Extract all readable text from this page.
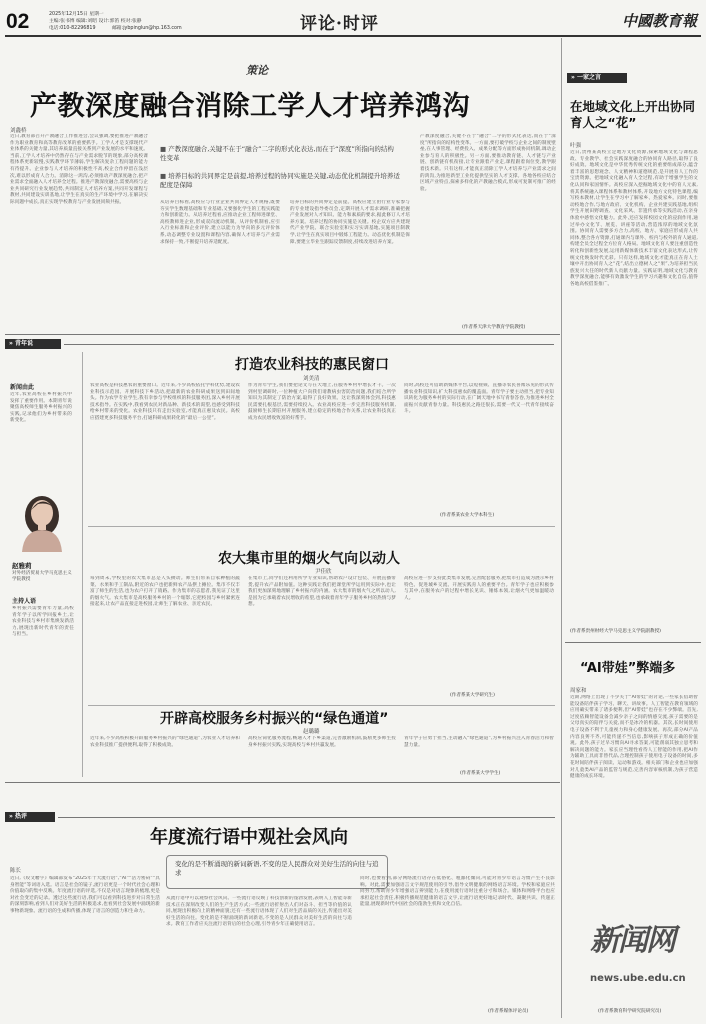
02	2025年12月15日 星期一
主编:张书博 编辑:刘昭 设计:郭笛 校对:张静
电话:010-82296819	邮箱:jybpinglun@hp.163.com	评论·时评	中國教育報
策论
产教深度融合消除工学人才培养鸿沟
刘鑫桥
■ 产教深度融合,关键不在于“融合”二字的形式化表达,而在于“深度”所指向的结构性变革
■ 培养目标的共同界定是前提,培养过程的协同实施是关键,动态优化机制提升培养适配度是保障
近日,教育部召开产教融合工作推进会,会议强调,要把推进产教融合作为职业教育和高等教育改革的重要抓手。工学人才是支撑现代产业体系的关键力量,其培养质量直接关系到产业发展的水平和速度。当前,工学人才培养中仍然存在与产业需求脱节的现象,部分高校课程体系更新较慢,实践教学环节薄弱,学生解决复杂工程问题的能力有待提升。企业参与人才培养的积极性不高,校企合作停留在浅层次,难以形成育人合力。消除这一鸿沟,必须推动产教深度融合,把产业需求全面融入人才培养全过程。推进产教深度融合,需要高校与企业共同研究行业发展趋势,共同制定人才培养方案,共同开发课程与教材,共同建设实训基地,让学生在真实的生产环境中学习,在解决实际问题中成长,真正实现学校教育与产业发展同频共振。	从培养目标看,高校应与行业企业共同界定人才规格,既要夯实学生数理基础和专业基础,又要强化学生的工程实践能力和创新能力。从培养过程看,应推动企业工程师进课堂、高校教师进企业,形成双向流动机制。从评价机制看,应引入行业标准和企业评价,建立以能力为导向的多元评价体系,动态调整专业设置和课程内容,确保人才培养与产业需求保持一致,不断提升培养适配度。
培养目标的共同界定是前提。高校应建立由行业专家参与的专业建设指导委员会,定期开展人才需求调研,准确把握产业发展对人才知识、能力和素质的要求,据此修订人才培养方案。培养过程的协同实施是关键。校企双方应共建现代产业学院、联合实验室和实习实训基地,实施项目制教学,让学生在真实项目中锻炼工程能力。动态优化机制是保障,要建立毕业生跟踪反馈制度,持续改进培养方案。
产教深度融合,关键不在于“融合”二字的形式化表达,而在于“深度”所指向的结构性变革。一方面,要打破学校与企业之间的制度壁垒,在人事管理、经费投入、成果分配等方面形成协同机制,调动企业参与育人的积极性。另一方面,要推动教育链、人才链与产业链、创新链有机衔接,让专业跟着产业走,课程跟着岗位变,教学跟着技术新。只有这样,才能真正消除工学人才培养与产业需求之间的鸿沟,为推进新型工业化提供坚实的人才支撑。各地各校应结合区域产业特点,探索多样化的产教融合模式,形成可复制可推广的经验。
(作者系天津大学教育学院教授)
» 一家之言
在地域文化上开出协同育人之“花”
叶强
近日,贵州某高校立足地方文化资源,探索地域文化与课程思政、专业教学、社会实践深度融合的协同育人路径,取得了良好成效。地域文化是中华优秀传统文化的重要组成部分,蕴含着丰富的思想观念、人文精神和道德规范,是开展育人工作的宝贵资源。把地域文化融入育人全过程,有助于增强学生的文化认同和家国情怀。高校应深入挖掘地域文化中的育人元素,将其系统融入课程体系和教材体系,开设地方文化特色课程,编写校本教材,让学生在学习中了解家乡、热爱家乡。同时,要推动校地合作,与地方政府、文化机构、企业共建实践基地,组织学生开展田野调查、文化采风、非遗传承等实践活动,在亲身体验中感悟文化魅力。此外,还应发挥校园文化的浸润作用,通过举办文化节、展览、讲座等活动,营造浓厚的地域文化氛围。协同育人需要多方合力,高校、地方、家庭应形成育人共同体,整合各方资源,打通课内与课外、校内与校外的育人通道,构建全员全过程全方位育人格局。地域文化育人要注重创造性转化和创新性发展,运用新媒体新技术丰富文化表达形式,让传统文化焕发时代光彩。只有这样,地域文化才能真正在育人土壤中开出协同育人之“花”,结出立德树人之“果”,为培养担当民族复兴大任的时代新人贡献力量。实践证明,地域文化与教育教学深度融合,能够有效激发学生的学习兴趣和文化自信,值得各地高校借鉴推广。
(作者系贵州财经大学马克思主义学院副教授)
“AI带娃”弊端多
周家和
近期,网络上出现了不少关于“AI带娃”的讨论,一些家长借助智能设备陪伴孩子学习、聊天、讲故事。人工智能在教育领域的应用确实带来了诸多便利,但“AI带娃”也存在不少弊端。首先,过度依赖智能设备会减少亲子之间的情感交流,孩子需要的是父母真实的陪伴与关爱,而不是冰冷的机器。其次,长时间使用电子设备不利于儿童视力和身心健康发展。再次,部分AI产品内容良莠不齐,可能传递不当信息,影响孩子形成正确的价值观。此外,孩子过早习惯向AI寻求答案,可能削弱其独立思考和解决问题的能力。家长应当理性看待人工智能的作用,把AI作为辅助工具而非替代品,合理控制孩子使用电子设备的时间,多花时间陪伴孩子阅读、运动和游戏。相关部门和企业也应加强对儿童类AI产品的监管与规范,完善内容审核机制,为孩子营造健康的成长环境。
(作者系教育科学研究院研究员)
» 青年说
新闻由此
近年,农业高校在乡村振兴中发挥了重要作用。本期青年说聚焦高校师生服务乡村振兴的实践,记录他们为乡村带来的新变化。
赵雅莉
对外经济贸易大学马克思主义学院教授
主持人语
乡村振兴需要青年力量,高校青年学子以所学回报乡土,让农业科技与乡村市集焕发新活力,展现出新时代青年的责任与担当。
打造农业科技的惠民窗口
刘美清
农业高校是科技惠农的重要窗口。近年来,不少高校依托学科优势,建设农业科技示范园、开展科技下乡活动,把最新的农业科研成果送到田间地头。作为农学专业学生,我有幸参与学校组织的科技服务团,深入乡村开展技术指导。在实践中,我看到农民对新品种、新技术的渴望,也感受到科技给乡村带来的变化。农业科技只有走出实验室,才能真正惠及农民。高校应搭建更多科技服务平台,打通科研成果转化的“最后一公里”。
作为青年学生,我们要把论文写在大地上,在服务乡村中增长才干。一次到村里调研时,一位种植大户向我们请教病虫害防治问题,我们结合所学知识为其制定了防治方案,取得了良好效果。这让我深刻体会到,科技惠民需要扎根基层,需要持续投入。农业高校应进一步完善科技服务机制,鼓励师生长期驻村开展服务,建立稳定的校地合作关系,让农业科技真正成为农民增收致富的好帮手。
同时,高校还可借助新媒体平台,以短视频、直播等农民喜闻乐见的形式传播农业科技知识,扩大科技惠农的覆盖面。青年学子要主动担当,把专业知识转化为服务乡村的实际行动,在广阔天地中书写青春答卷,为推进乡村全面振兴贡献青春力量。科技惠民之路还很长,需要一代又一代青年接续奋斗。
(作者系某农业大学本科生)
农大集市里的烟火气向以动人
尹佳欣
每到周末,学校里的农大集市总是人头攒动。师生们带来自家种植的蔬菜、水果和手工制品,附近的农户也把新鲜农产品摆上摊位。集市不仅丰富了师生的生活,也为农户打开了销路。作为集市的志愿者,我见证了这里的烟火气。农大集市是高校服务乡村的一个缩影,它把校园与乡村紧密连接起来,让农产品直接走进校园,让师生了解农业、亲近农民。
在集市上,同学们还利用所学专业知识,帮助农户设计包装、开展直播带货,提升农产品附加值。这种实践让我们把课堂所学运用到实际中,也让我们更加深刻地理解了乡村振兴的内涵。农大集市的烟火气之所以动人,是因为它承载着农民增收的希望,也承载着青年学子服务乡村的热情与梦想。
高校应进一步支持此类集市发展,完善配套服务,把集市打造成为展示乡村特色、促进城乡交流、开展实践育人的重要平台。青年学子也应积极参与其中,在服务农户的过程中增长见识、锤炼本领,让烟火气更加温暖动人。
(作者系某大学研究生)
开辟高校服务乡村振兴的“绿色通道”
赵璐璐
近年来,不少高校积极开辟服务乡村振兴的“绿色通道”,为农业人才培养和农业科技推广提供便利,取得了积极成效。
高校应简化服务流程,畅通人才下乡渠道,完善激励机制,鼓励更多师生投身乡村振兴实践,实现高校与乡村共赢发展。
青年学子应勇于担当,主动融入“绿色通道”,为乡村振兴注入青春活力和智慧力量。
(作者系某大学学生)
» 热评
年度流行语中观社会风向
陈长
变化的是不断涌现的新词新语,不变的是人民群众对美好生活的向往与追求
近日,《咬文嚼字》编辑部发布“2025年十大流行语”,“AI”“活力密码”“具身智能”等词语入选。语言是社会的镜子,流行语更是一个时代社会心理和价值取向的集中反映。年度流行语的评选,不仅是对语言现象的梳理,更是对社会变迁的记录。透过这些流行语,我们可以看到科技进步对日常生活的深刻影响,看到人们对美好生活的积极追求,也看到社会发展中涌现的新事物新现象。流行语的生成和传播,体现了语言的创造力和生命力。
从流行语中可以观察社会风向。一些流行语反映了科技创新的蓬勃发展,表明人工智能等新技术正在深刻改变人们的生产生活方式;一些流行语折射出人们对奋斗、担当等价值的认同,展现出积极向上的精神面貌;还有一些流行语体现了人们对生活品质的关注,传递出对美好生活的向往。变化的是不断涌现的新词新语,不变的是人民群众对美好生活的向往与追求。教育工作者应关注流行语背后的社会心理,引导青少年正确使用语言。
同时,也要看到,部分网络流行语存在低俗化、粗鄙化倾向,可能对青少年语言习惯产生不良影响。对此,需要加强语言文字规范使用的引导,倡导文明健康的网络语言环境。学校和家庭应共同努力,帮助青少年增强语言辨别能力,在使用流行语时注重分寸和场合。媒体和网络平台也应承担起社会责任,积极传播规范健康的语言文字,让流行语更好地记录时代、凝聚共识、传递正能量,展现新时代中国社会的蓬勃生机和文化自信。
(作者系媒体评论员)
新闻网
news.ube.edu.cn
